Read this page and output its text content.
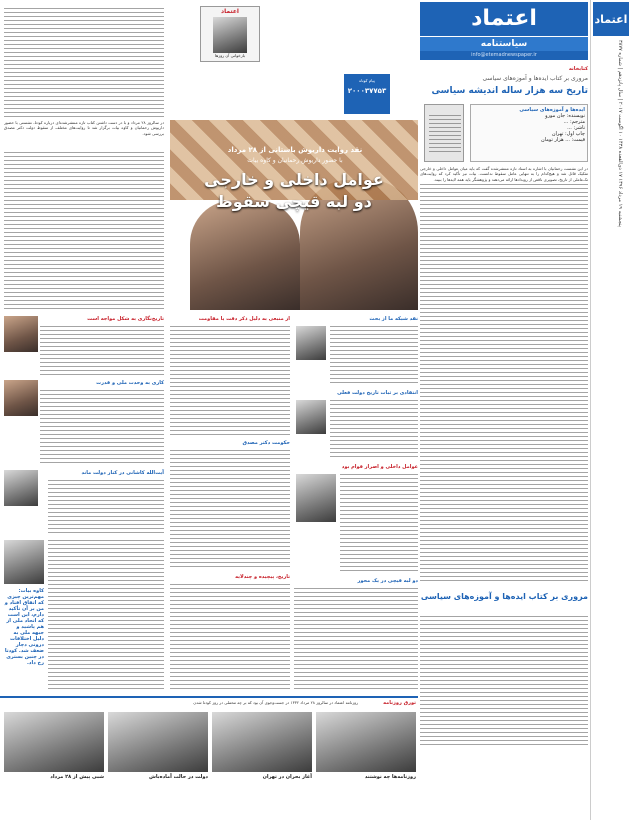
اعتماد
پنجشنبه ۱۹ مرداد ۱۳۹۶ ۱۷ ذی‌القعده ۱۴۳۸ ۱۰ اگوست ۲۰۱۷ | سال پانزدهم | شماره ۳۸۷۷
اعتماد
سیاستنامه
info@etemadnewspaper.ir
کتابخانه
مروری بر کتاب ایده‌ها و آموزه‌های سیاسی
تاریخ سه هزار ساله اندیشه سیاسی
ایده‌ها و آموزه‌های سیاسی
نویسنده: جان مورو
مترجم: ...
ناشر: ...
چاپ اول: تهران
قیمت: ... هزار تومان
در این نشست رحمانیان با اشاره به اسناد تازه منتشرشده گفت که باید میان عوامل داخلی و خارجی تفکیک قائل شد و هیچ‌کدام را به تنهایی عامل سقوط ندانست. بیات نیز تأکید کرد که روایت‌های تک‌عاملی از تاریخ، تصویری ناقص از رویدادها ارائه می‌دهند و پژوهشگر باید همه لایه‌ها را ببیند.
مروری بر کتاب ایده‌ها و آموزه‌های سیاسی
اعتماد
بازخوانی آن روزها
پیام کوتاه
۲۰۰۰۳۷۷۵۳
نقد روایت داریوش باستانی از ۲۸ مرداد
با حضور داریوش رحمانیان و کاوه بیات
عوامل داخلی و خارجی
دو لبه قیچی سقوط
در سالروز ۲۸ مرداد و با در دست داشتن کتاب تازه منتشرشده‌ای درباره کودتا، نشستی با حضور داریوش رحمانیان و کاوه بیات برگزار شد تا روایت‌های مختلف از سقوط دولت دکتر مصدق بررسی شود.
تاریخ‌نگاری به شکل مواجه است
کاری به وحدت ملی و قدرت
آیت‌الله کاشانی در کنار دولت ماند
کاوه بیات: مهم‌ترین چیزی که اتفاق افتاد و من بر آن تأکید دارم، این است که اتحاد ملی از هم پاشید و جبهه ملی به دلیل اختلافات درونی دچار ضعف شد. کودتا در چنین بستری رخ داد.
از منبعی به دلیل ذکر دقت یا مقاومت
حکومت دکتر مصدق
تاریخ، پیچیده و چندلایه
نقد شبکه ما از بحث
انتقادی بر ثبات تاریخ دولت فعلی
عوامل داخلی و اصرار قوام بود
دو لبه قیچی در یک محور
تورق روزنامه
روزنامه اعتماد در سالروز ۲۸ مرداد ۱۳۳۲ در جست‌وجوی آن بود که بر چه محملی در روز کودتا شدن
شبی پیش از ۲۸ مرداد	دولت در حالت آماده‌باش	آغاز بحران در تهران	روزنامه‌ها چه نوشتند
